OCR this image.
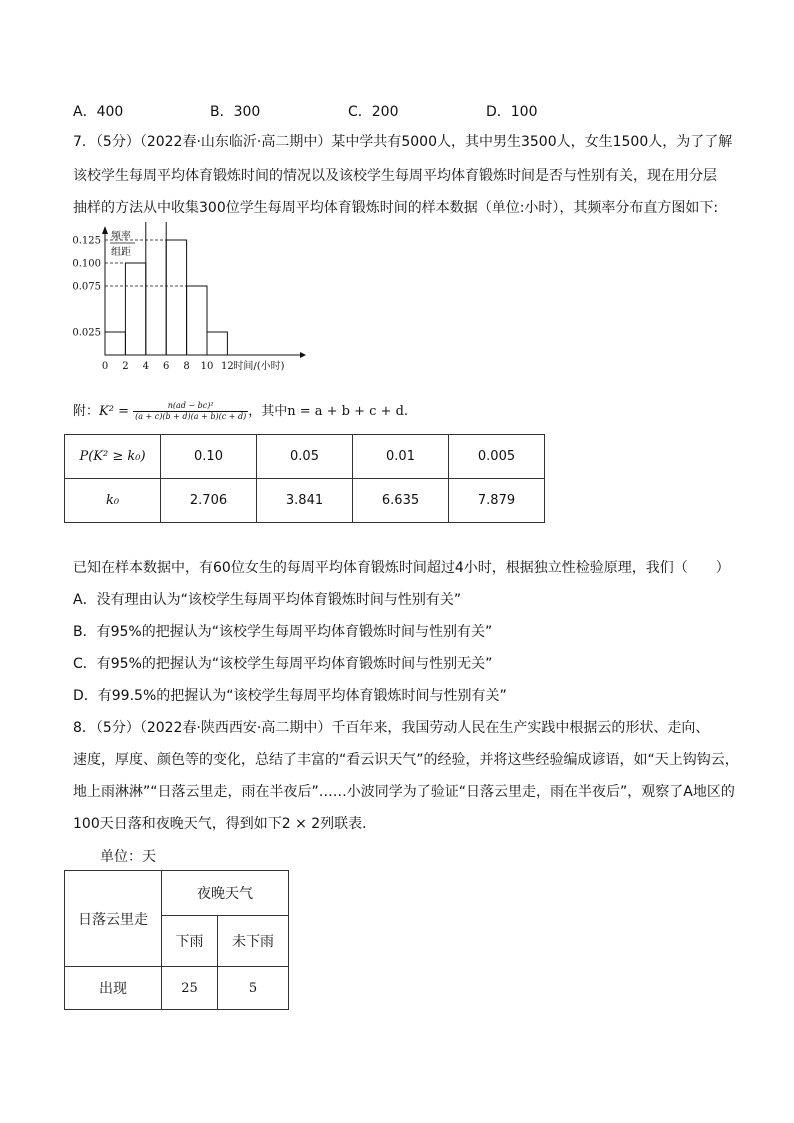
A．400	B．300	C．200	D．100
7．（5分）（2022春·山东临沂·高二期中）某中学共有5000人，其中男生3500人，女生1500人，为了了解
该校学生每周平均体育锻炼时间的情况以及该校学生每周平均体育锻炼时间是否与性别有关，现在用分层
抽样的方法从中收集300位学生每周平均体育锻炼时间的样本数据（单位:小时），其频率分布直方图如下:
0.125
0.100
0.075
0.025
0 2 4 6 8 10 12 时间/(小时)
频率
组距
附：$K^2 = \frac{\text{n(ad − bc)²}}{(a + c)(b + d)(a + b)(c + d)}$ ，其中n = a + b + c + d.
P(K² ≥ k₀)	0.10	0.05	0.01	0.005
k₀	2.706	3.841	6.635	7.879
已知在样本数据中，有60位女生的每周平均体育锻炼时间超过4小时，根据独立性检验原理，我们（　　）
A．没有理由认为“该校学生每周平均体育锻炼时间与性别有关”
B．有95%的把握认为“该校学生每周平均体育锻炼时间与性别有关”
C．有95%的把握认为“该校学生每周平均体育锻炼时间与性别无关”
D．有99.5%的把握认为“该校学生每周平均体育锻炼时间与性别有关”
8．（5分）（2022春·陕西西安·高二期中）千百年来，我国劳动人民在生产实践中根据云的形状、走向、
速度，厚度、颜色等的变化，总结了丰富的“看云识天气”的经验，并将这些经验编成谚语，如“天上钩钩云，
地上雨淋淋”“日落云里走，雨在半夜后”……小波同学为了验证“日落云里走，雨在半夜后”，观察了A地区的
100天日落和夜晚天气，得到如下2 × 2列联表．
单位：天
日落云里走	夜晚天气	
	下雨	未下雨
出现	25	5
